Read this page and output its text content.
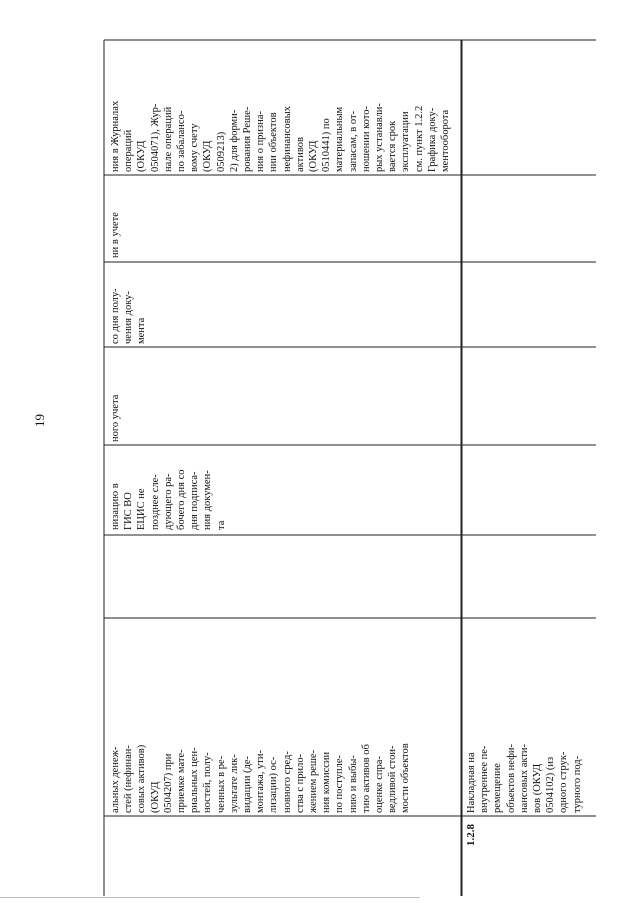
19
альных денеж-
стей (нефинан-
совых активов)
(ОКУД
0504207) при
приемке мате-
риальных цен-
ностей, полу-
ченных в ре-
зультате лик-
видации (де-
монтажа, ути-
лизации) ос-
новного сред-
ства с прило-
жением реше-
ния комиссии
по поступле-
нию и выбы-
тию активов об
оценке спра-
ведливой стои-
мости объектов
низацию в
ГИС ВО
ЕЦИС не
позднее сле-
дующего ра-
бочего дня со
дня подписа-
ния докумен-
та
ного учета
со дня полу-
чения доку-
мента
ни в учете
ния в Журналах
операций
(ОКУД
0504071), Жур-
нале операций
по забалансо-
вому счету
(ОКУД
0509213)
2) для форми-
рования Реше-
ния о призна-
нии объектов
нефинансовых
активов
(ОКУД
0510441) по
материальным
запасам, в от-
ношении кото-
рых устанавли-
вается срок
эксплуатации
см. пункт 1.2.2
Графика доку-
ментооборота
1.2.8
Накладная на
внутреннее пе-
ремещение
объектов нефи-
нансовых акти-
вов (ОКУД
0504102) (из
одного струк-
турного под-
